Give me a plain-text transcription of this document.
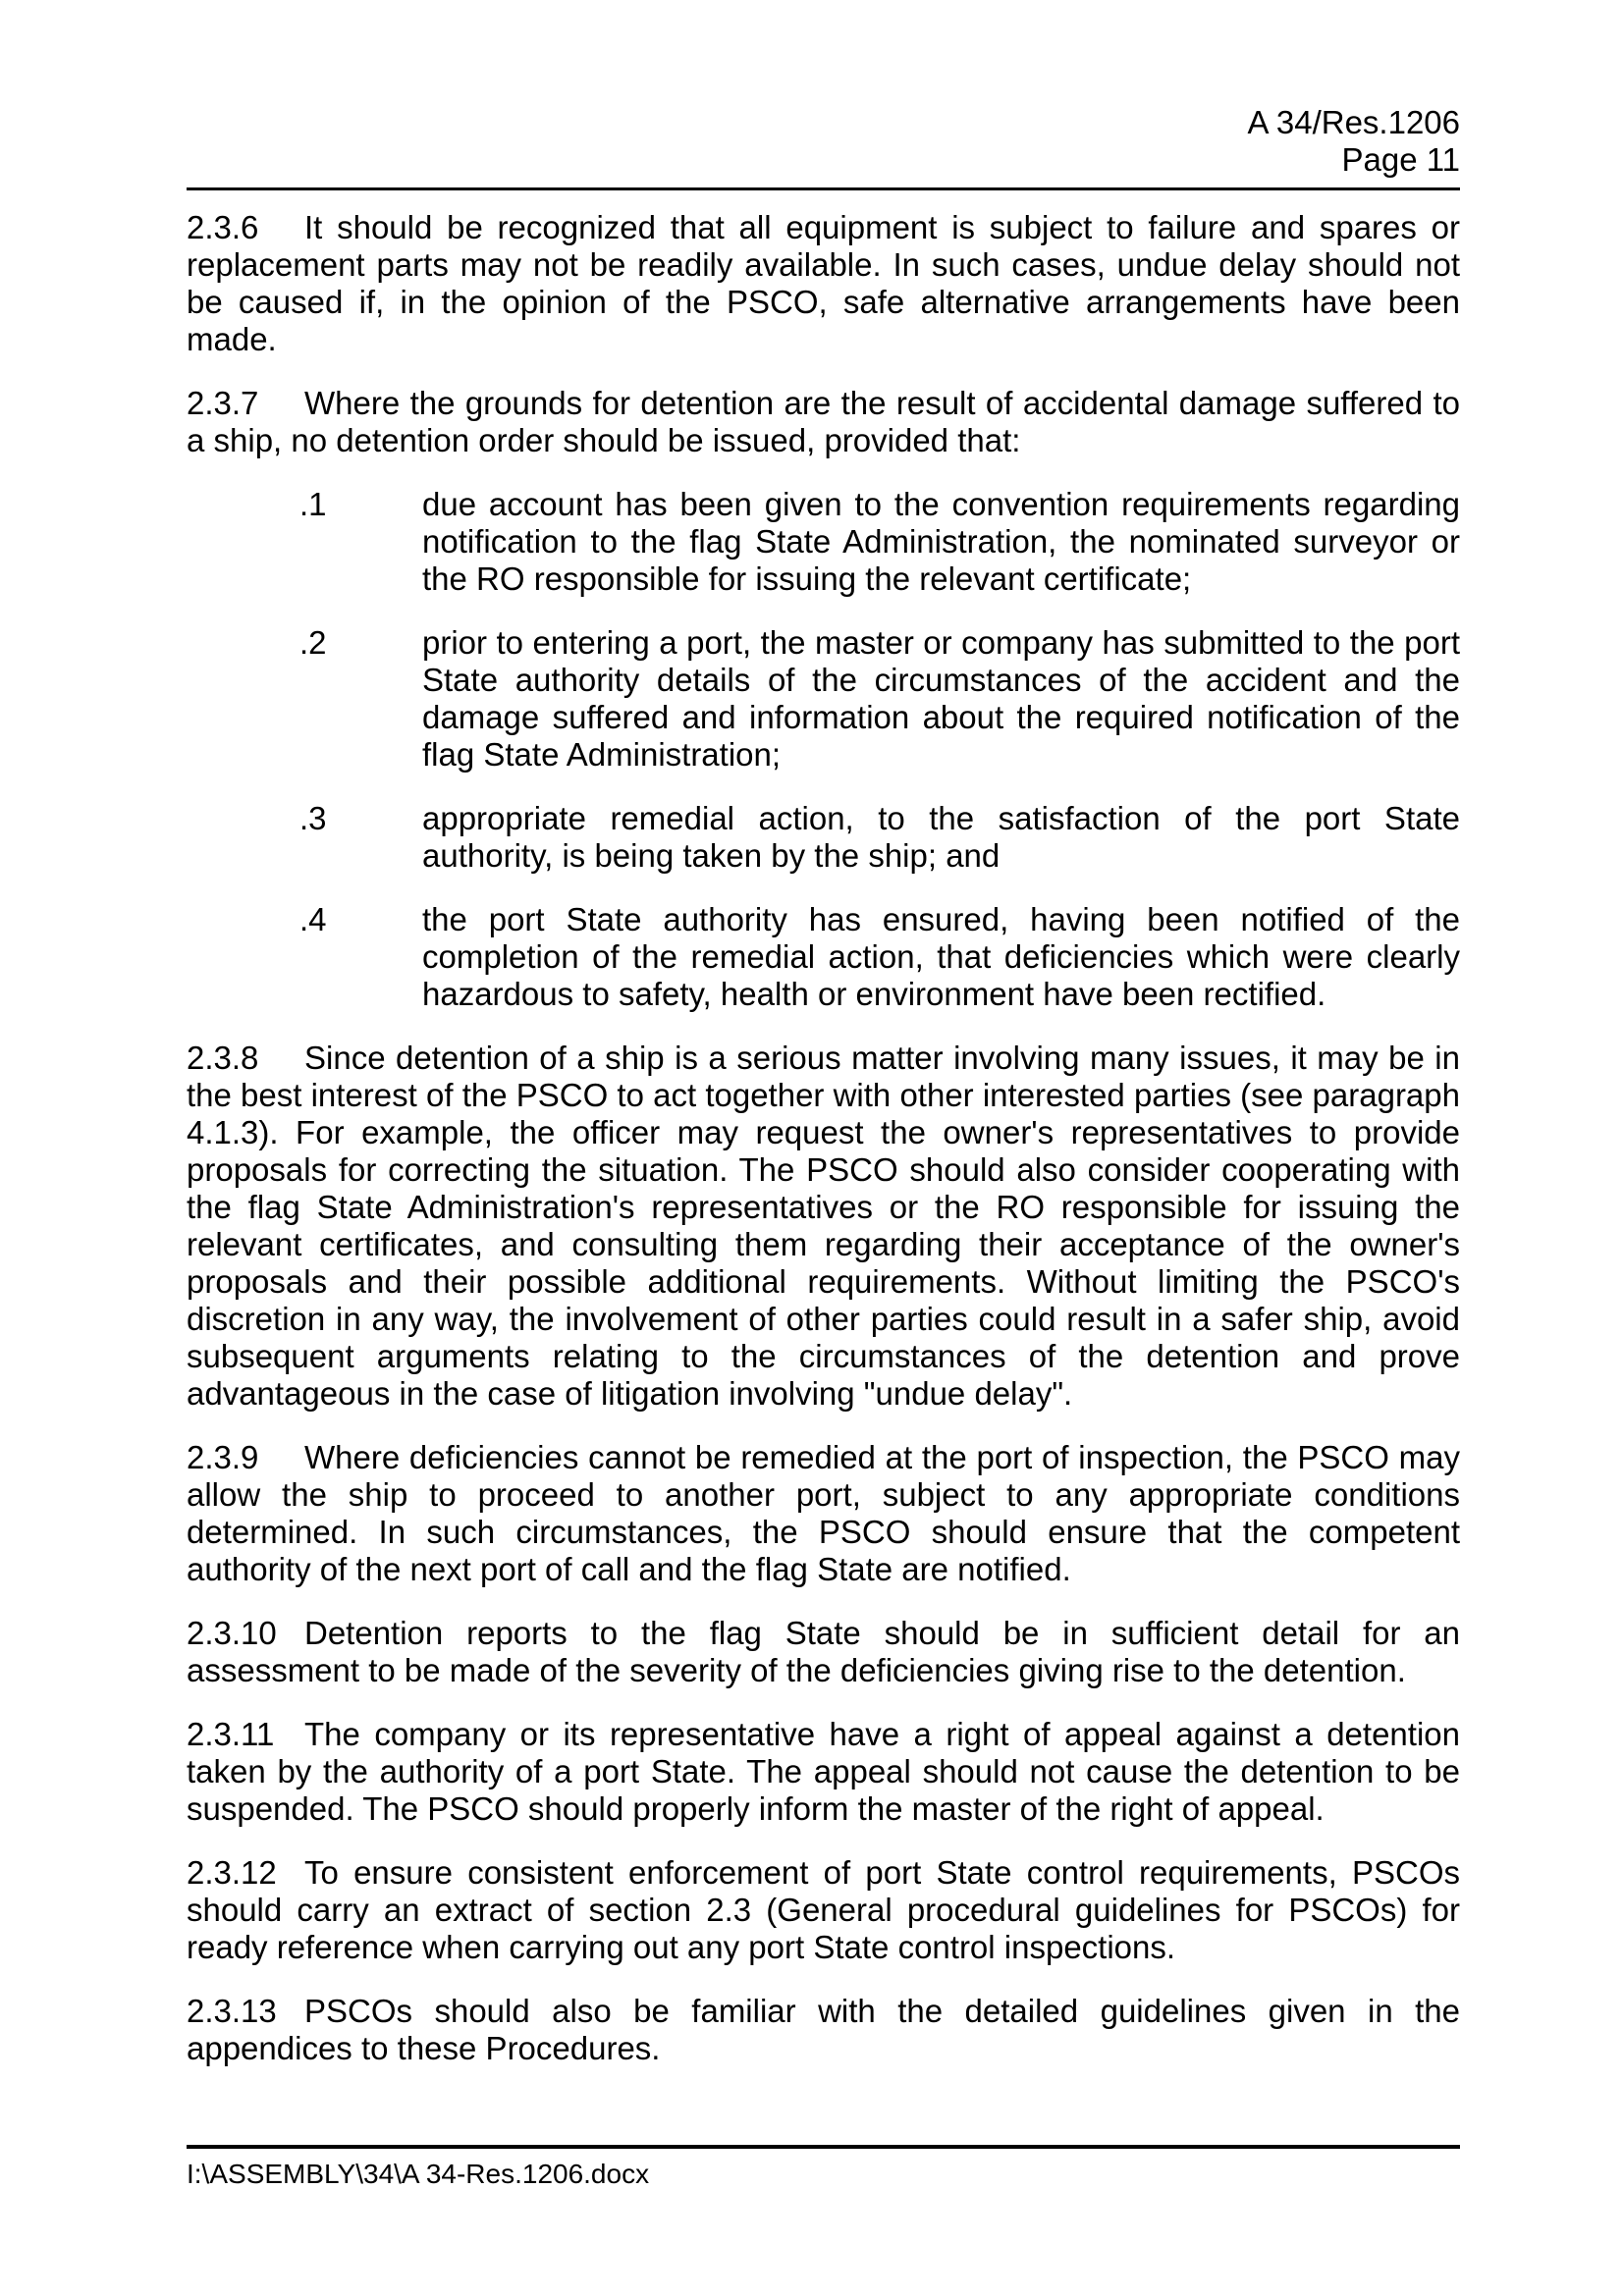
A 34/Res.1206
Page 11
2.3.6 It should be recognized that all equipment is subject to failure and spares or replacement parts may not be readily available. In such cases, undue delay should not be caused if, in the opinion of the PSCO, safe alternative arrangements have been made.
2.3.7 Where the grounds for detention are the result of accidental damage suffered to a ship, no detention order should be issued, provided that:
.1	due account has been given to the convention requirements regarding notification to the flag State Administration, the nominated surveyor or the RO responsible for issuing the relevant certificate;
.2	prior to entering a port, the master or company has submitted to the port State authority details of the circumstances of the accident and the damage suffered and information about the required notification of the flag State Administration;
.3	appropriate remedial action, to the satisfaction of the port State authority, is being taken by the ship; and
.4	the port State authority has ensured, having been notified of the completion of the remedial action, that deficiencies which were clearly hazardous to safety, health or environment have been rectified.
2.3.8 Since detention of a ship is a serious matter involving many issues, it may be in the best interest of the PSCO to act together with other interested parties (see paragraph 4.1.3). For example, the officer may request the owner's representatives to provide proposals for correcting the situation. The PSCO should also consider cooperating with the flag State Administration's representatives or the RO responsible for issuing the relevant certificates, and consulting them regarding their acceptance of the owner's proposals and their possible additional requirements. Without limiting the PSCO's discretion in any way, the involvement of other parties could result in a safer ship, avoid subsequent arguments relating to the circumstances of the detention and prove advantageous in the case of litigation involving "undue delay".
2.3.9 Where deficiencies cannot be remedied at the port of inspection, the PSCO may allow the ship to proceed to another port, subject to any appropriate conditions determined. In such circumstances, the PSCO should ensure that the competent authority of the next port of call and the flag State are notified.
2.3.10 Detention reports to the flag State should be in sufficient detail for an assessment to be made of the severity of the deficiencies giving rise to the detention.
2.3.11 The company or its representative have a right of appeal against a detention taken by the authority of a port State. The appeal should not cause the detention to be suspended. The PSCO should properly inform the master of the right of appeal.
2.3.12 To ensure consistent enforcement of port State control requirements, PSCOs should carry an extract of section 2.3 (General procedural guidelines for PSCOs) for ready reference when carrying out any port State control inspections.
2.3.13 PSCOs should also be familiar with the detailed guidelines given in the appendices to these Procedures.
I:\ASSEMBLY\34\A 34-Res.1206.docx
